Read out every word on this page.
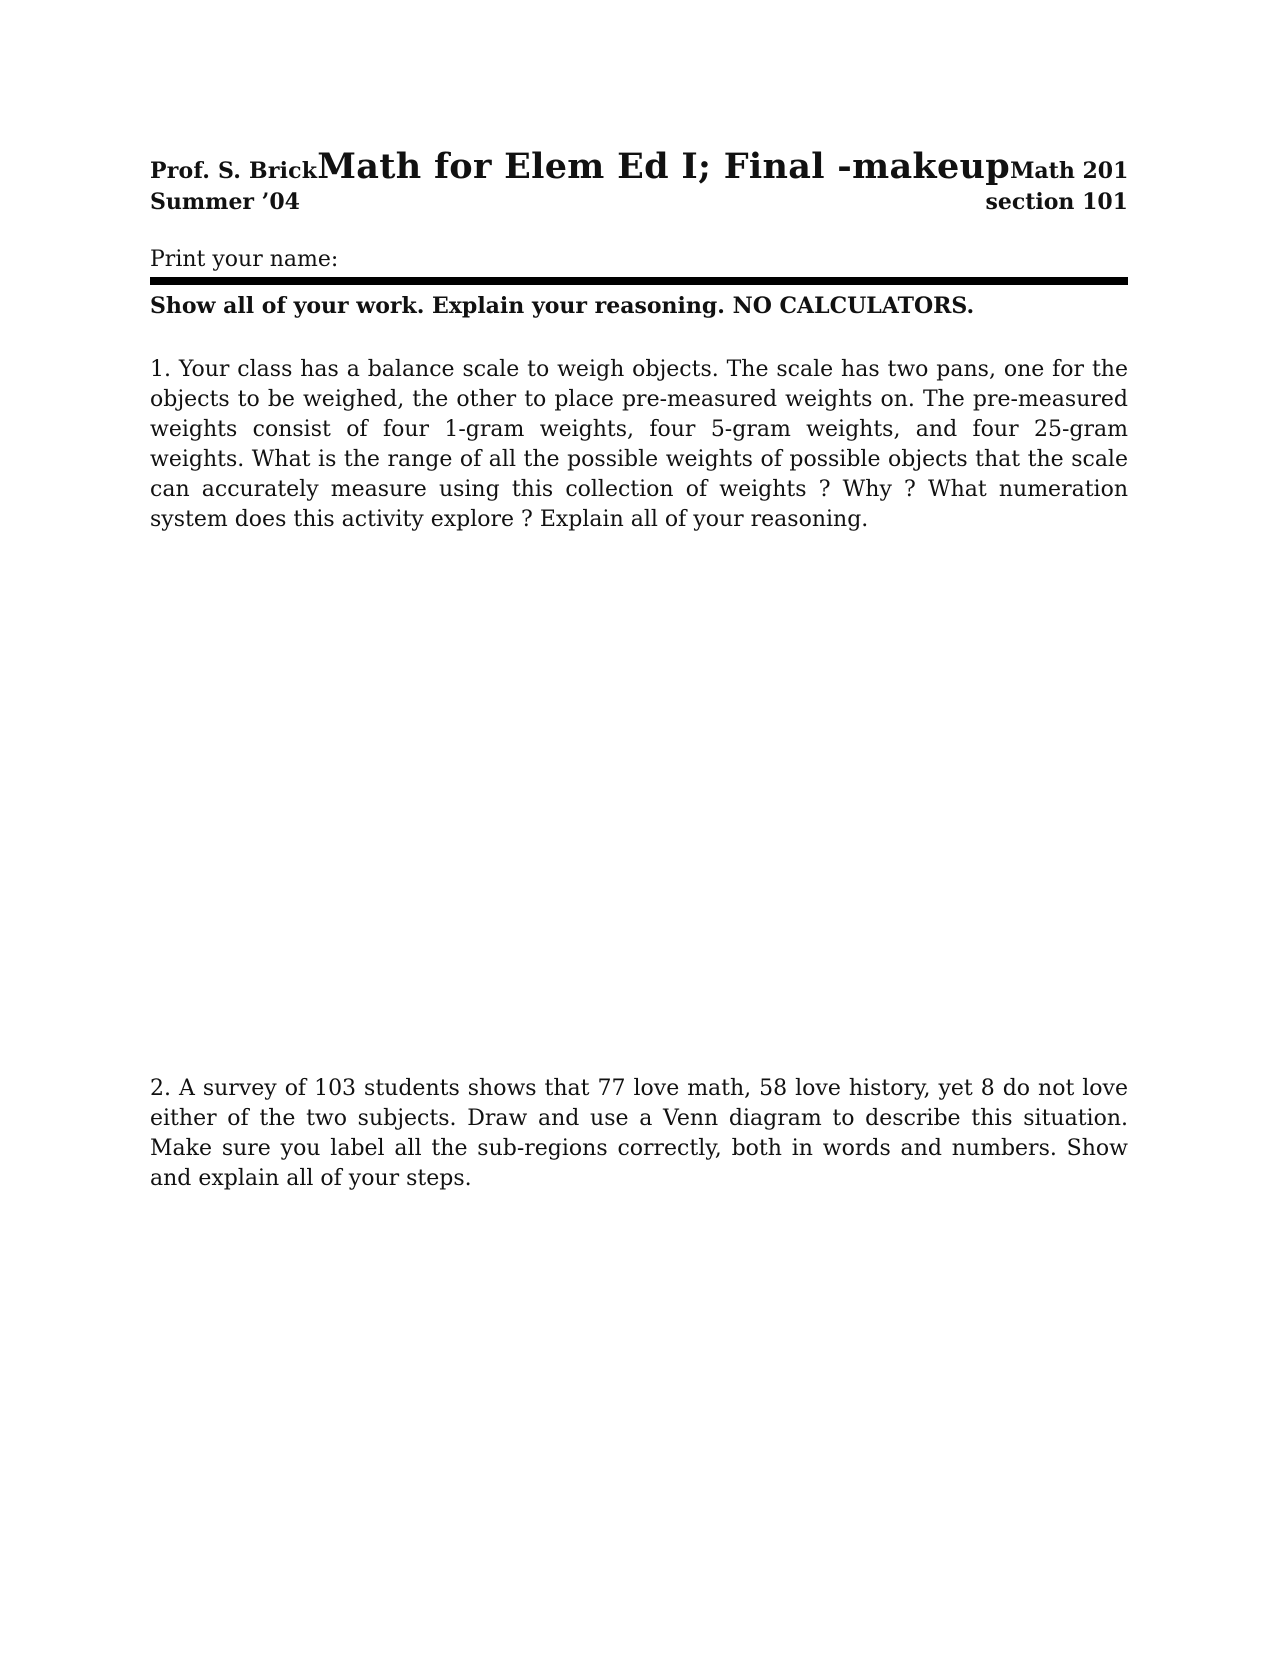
Prof. S. Brick Math for Elem Ed I; Final -makeup Math 201
Summer ’04	section 101
Print your name:
Show all of your work. Explain your reasoning. NO CALCULATORS.
1. Your class has a balance scale to weigh objects. The scale has two pans, one for the objects to be weighed, the other to place pre-measured weights on. The pre-measured weights consist of four 1-gram weights, four 5-gram weights, and four 25-gram weights. What is the range of all the possible weights of possible objects that the scale can accurately measure using this collection of weights ? Why ? What numeration system does this activity explore ? Explain all of your reasoning.
2. A survey of 103 students shows that 77 love math, 58 love history, yet 8 do not love either of the two subjects. Draw and use a Venn diagram to describe this situation. Make sure you label all the sub-regions correctly, both in words and numbers. Show and explain all of your steps.
